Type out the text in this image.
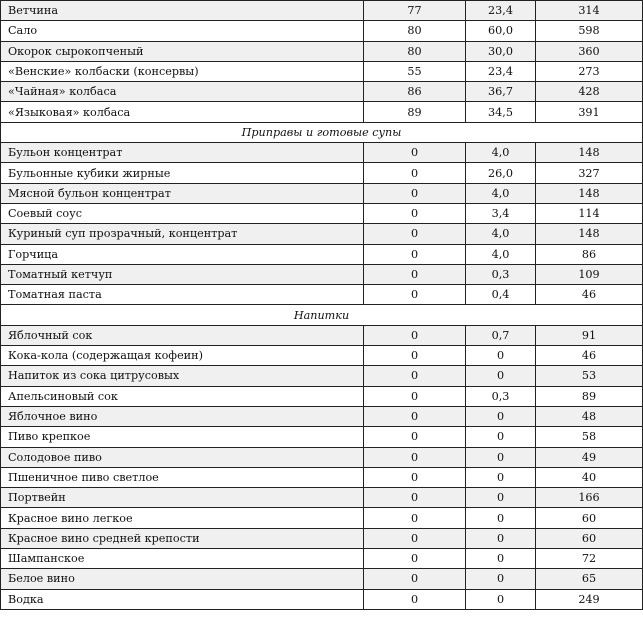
Ветчина	77	23,4	314
Сало	80	60,0	598
Окорок сырокопченый	80	30,0	360
«Венские» колбаски (консервы)	55	23,4	273
«Чайная» колбаса	86	36,7	428
«Языковая» колбаса	89	34,5	391
Приправы и готовые супы			
Бульон концентрат	0	4,0	148
Бульонные кубики жирные	0	26,0	327
Мясной бульон концентрат	0	4,0	148
Соевый соус	0	3,4	114
Куриный суп прозрачный, концентрат	0	4,0	148
Горчица	0	4,0	86
Томатный кетчуп	0	0,3	109
Томатная паста	0	0,4	46
Напитки			
Яблочный сок	0	0,7	91
Кока-кола (содержащая кофеин)	0	0	46
Напиток из сока цитрусовых	0	0	53
Апельсиновый сок	0	0,3	89
Яблочное вино	0	0	48
Пиво крепкое	0	0	58
Солодовое пиво	0	0	49
Пшеничное пиво светлое	0	0	40
Портвейн	0	0	166
Красное вино легкое	0	0	60
Красное вино средней крепости	0	0	60
Шампанское	0	0	72
Белое вино	0	0	65
Водка	0	0	249
